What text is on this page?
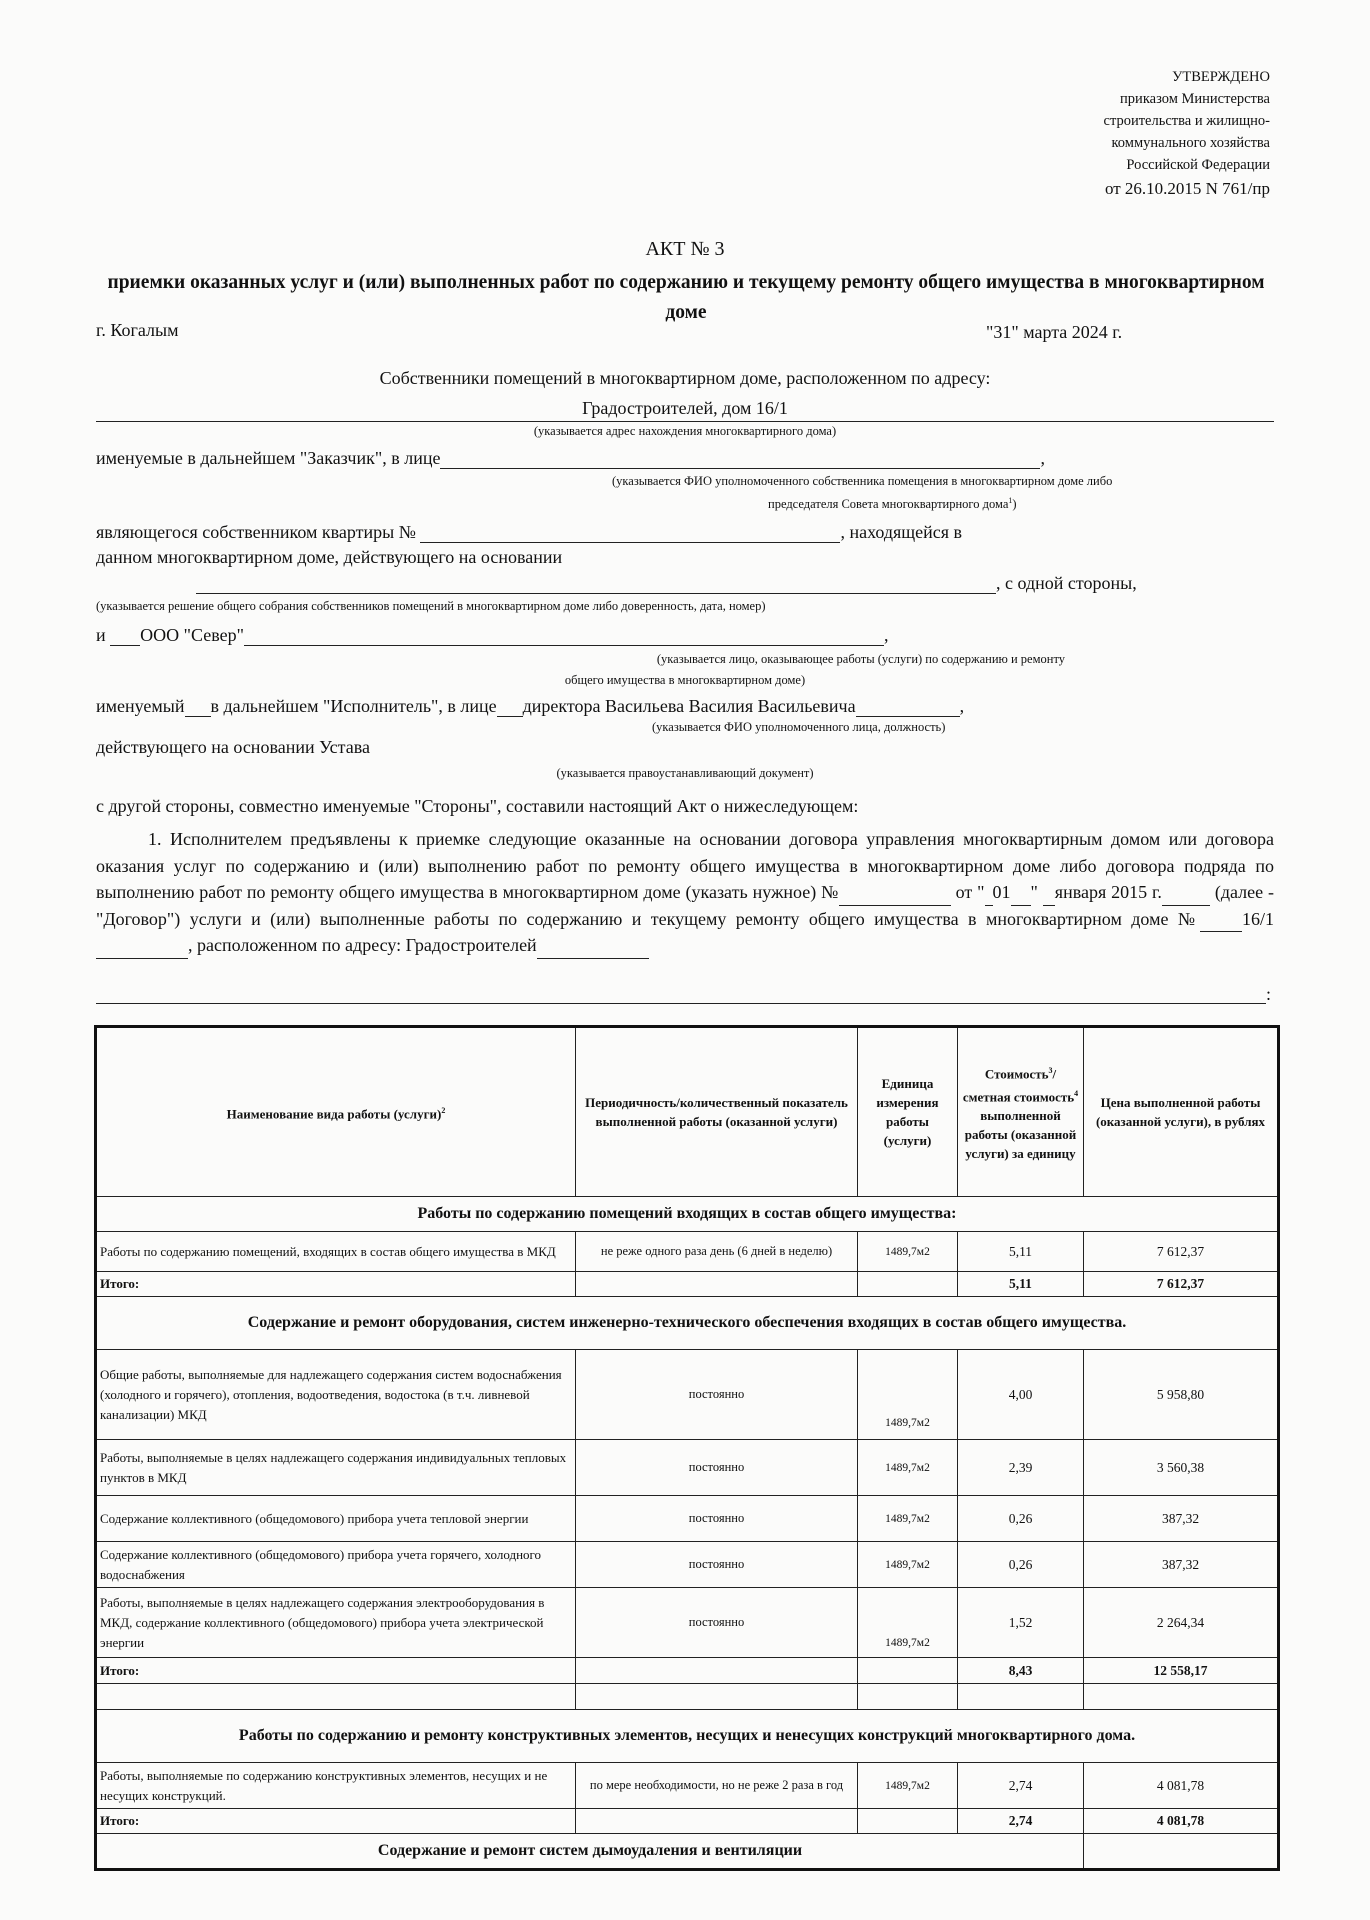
УТВЕРЖДЕНО
приказом Министерства
строительства и жилищно-
коммунального хозяйства
Российской Федерации
от 26.10.2015 N 761/пр
АКТ № 3
приемки оказанных услуг и (или) выполненных работ по содержанию и текущему ремонту общего имущества в многоквартирном доме
г. Когалым	"31" марта 2024 г.
Собственники помещений в многоквартирном доме, расположенном по адресу:
Градостроителей, дом 16/1
(указывается адрес нахождения многоквартирного дома)
именуемые в дальнейшем "Заказчик", в лице	,
(указывается ФИО уполномоченного собственника помещения в многоквартирном доме либо
председателя Совета многоквартирного дома$^1$)
являющегося собственником квартиры №	, находящейся в
данном многоквартирном доме, действующего на основании
, с одной стороны,
(указывается решение общего собрания собственников помещений в многоквартирном доме либо доверенность, дата, номер)
и ООО "Север"	,
(указывается лицо, оказывающее работы (услуги) по содержанию и ремонту
общего имущества в многоквартирном доме)
именуемый в дальнейшем "Исполнитель", в лице директора Васильева Василия Васильевича	,
(указывается ФИО уполномоченного лица, должность)
действующего на основании Устава
(указывается правоустанавливающий документ)
с другой стороны, совместно именуемые "Стороны", составили настоящий Акт о нижеследующем:
1. Исполнителем предъявлены к приемке следующие оказанные на основании договора управления многоквартирным домом или договора оказания услуг по содержанию и (или) выполнению работ по ремонту общего имущества в многоквартирном доме либо договора подряда по выполнению работ по ремонту общего имущества в многоквартирном доме (указать нужное) №	от " 01 " января 2015 г.	(далее - "Договор") услуги и (или) выполненные работы по содержанию и текущему ремонту общего имущества в многоквартирном доме № 16/1, расположенном по адресу: Градостроителей
:
Наименование вида работы (услуги)$^2$	Периодичность/количественный показатель выполненной работы (оказанной услуги)	Единица измерения работы (услуги)	Стоимость$^3$/сметная стоимость$^4$ выполненной работы (оказанной услуги) за единицу	Цена выполненной работы (оказанной услуги), в рублях
Работы по содержанию помещений входящих в состав общего имущества:				
Работы по содержанию помещений, входящих в состав общего имущества в МКД	не реже одного раза день (6 дней в неделю)	1489,7м2	5,11	7 612,37
Итого:			5,11	7 612,37
Содержание и ремонт оборудования, систем инженерно-технического обеспечения входящих в состав общего имущества.				
Общие работы, выполняемые для надлежащего содержания систем водоснабжения (холодного и горячего), отопления, водоотведения, водостока (в т.ч. ливневой канализации) МКД	постоянно	1489,7м2	4,00	5 958,80
Работы, выполняемые в целях надлежащего содержания индивидуальных тепловых пунктов в МКД	постоянно	1489,7м2	2,39	3 560,38
Содержание коллективного (общедомового) прибора учета тепловой энергии	постоянно	1489,7м2	0,26	387,32
Содержание коллективного (общедомового) прибора учета горячего, холодного водоснабжения	постоянно	1489,7м2	0,26	387,32
Работы, выполняемые в целях надлежащего содержания электрооборудования в МКД, содержание коллективного (общедомового) прибора учета электрической энергии	постоянно	1489,7м2	1,52	2 264,34
Итого:			8,43	12 558,17

Работы по содержанию и ремонту конструктивных элементов, несущих и ненесущих конструкций многоквартирного дома.				
Работы, выполняемые по содержанию конструктивных элементов, несущих и не несущих конструкций.	по мере необходимости, но не реже 2 раза в год	1489,7м2	2,74	4 081,78
Итого:			2,74	4 081,78
Содержание и ремонт систем дымоудаления и вентиляции				
